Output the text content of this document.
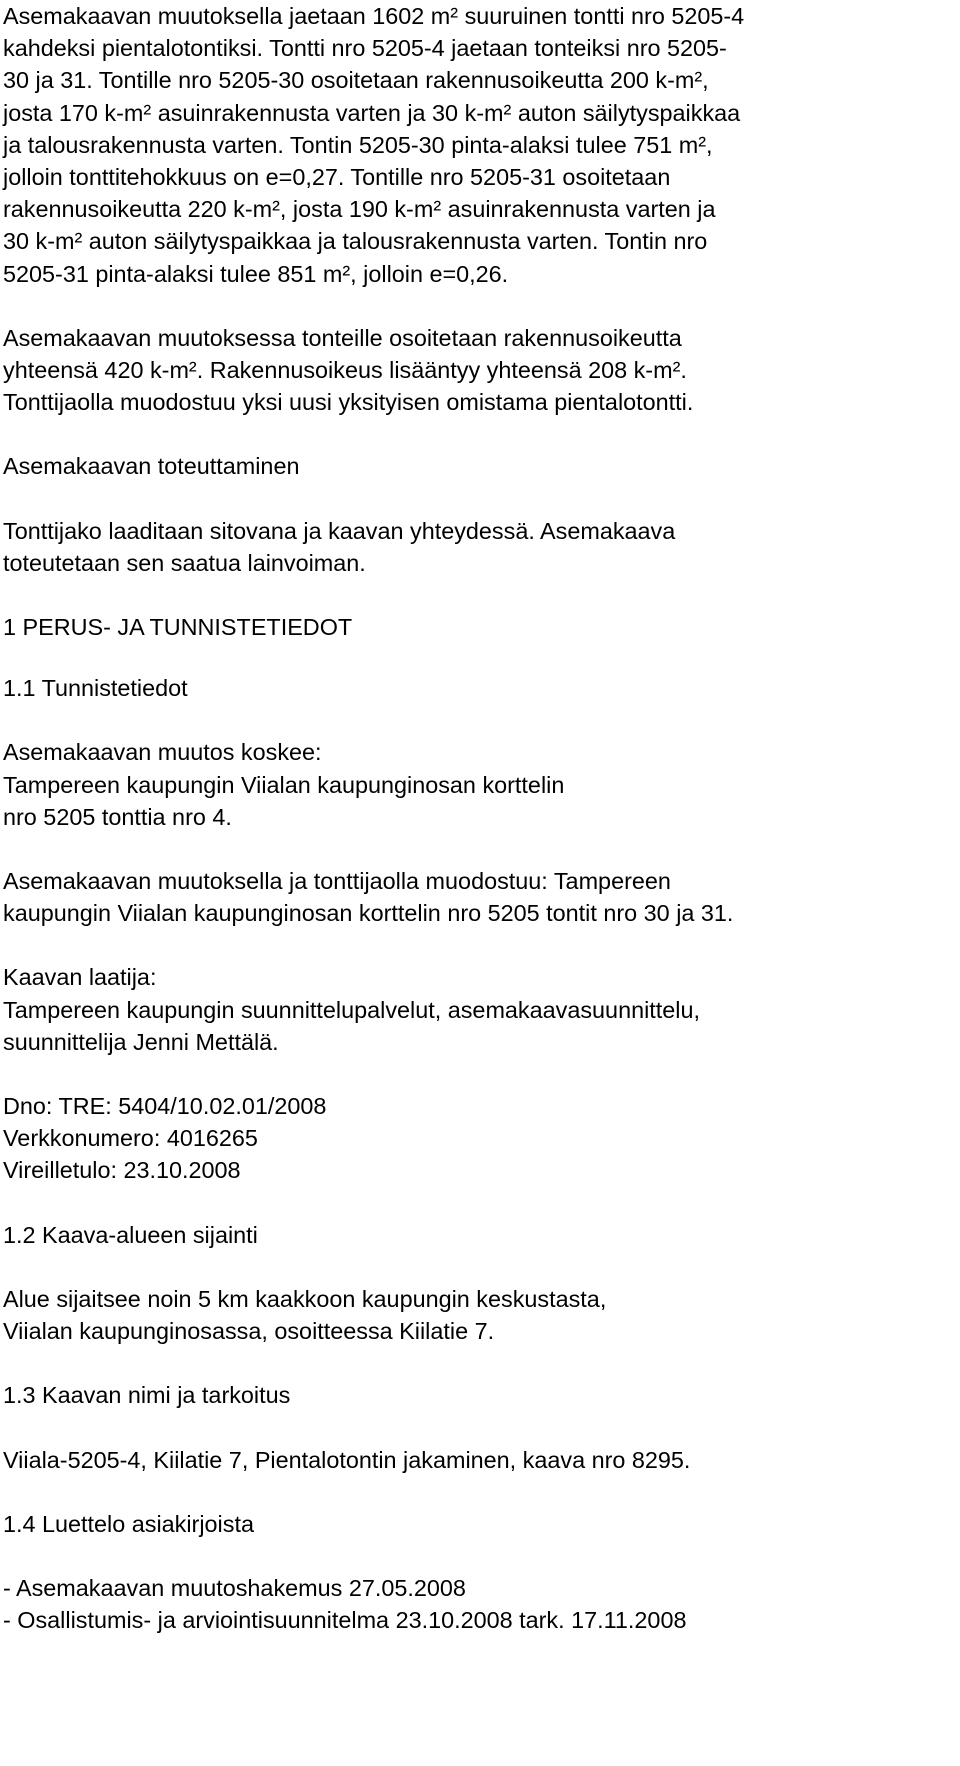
Asemakaavan muutoksella jaetaan 1602 m² suuruinen tontti nro 5205-4
kahdeksi pientalotontiksi. Tontti nro 5205-4 jaetaan tonteiksi nro 5205-
30 ja 31. Tontille nro 5205-30 osoitetaan rakennusoikeutta 200 k-m²,
josta 170 k-m² asuinrakennusta varten ja 30 k-m² auton säilytyspaikkaa
ja talousrakennusta varten. Tontin 5205-30 pinta-alaksi tulee 751 m²,
jolloin tonttitehokkuus on e=0,27. Tontille nro 5205-31 osoitetaan
rakennusoikeutta 220 k-m², josta 190 k-m² asuinrakennusta varten ja
30 k-m² auton säilytyspaikkaa ja talousrakennusta varten. Tontin nro
5205-31 pinta-alaksi tulee 851 m², jolloin e=0,26.
Asemakaavan muutoksessa tonteille osoitetaan rakennusoikeutta
yhteensä 420 k-m². Rakennusoikeus lisääntyy yhteensä 208 k-m².
Tonttijaolla muodostuu yksi uusi yksityisen omistama pientalotontti.
Asemakaavan toteuttaminen
Tonttijako laaditaan sitovana ja kaavan yhteydessä. Asemakaava
toteutetaan sen saatua lainvoiman.
1 PERUS- JA TUNNISTETIEDOT
1.1 Tunnistetiedot
Asemakaavan muutos koskee:
Tampereen kaupungin Viialan kaupunginosan korttelin
nro 5205 tonttia nro 4.
Asemakaavan muutoksella ja tonttijaolla muodostuu: Tampereen
kaupungin Viialan kaupunginosan korttelin nro 5205 tontit nro 30 ja 31.
Kaavan laatija:
Tampereen kaupungin suunnittelupalvelut, asemakaavasuunnittelu,
suunnittelija Jenni Mettälä.
Dno: TRE: 5404/10.02.01/2008
Verkkonumero: 4016265
Vireilletulo: 23.10.2008
1.2 Kaava-alueen sijainti
Alue sijaitsee noin 5 km kaakkoon kaupungin keskustasta,
Viialan kaupunginosassa, osoitteessa Kiilatie 7.
1.3 Kaavan nimi ja tarkoitus
Viiala-5205-4, Kiilatie 7, Pientalotontin jakaminen, kaava nro 8295.
1.4 Luettelo asiakirjoista
- Asemakaavan muutoshakemus 27.05.2008
- Osallistumis- ja arviointisuunnitelma 23.10.2008 tark. 17.11.2008
